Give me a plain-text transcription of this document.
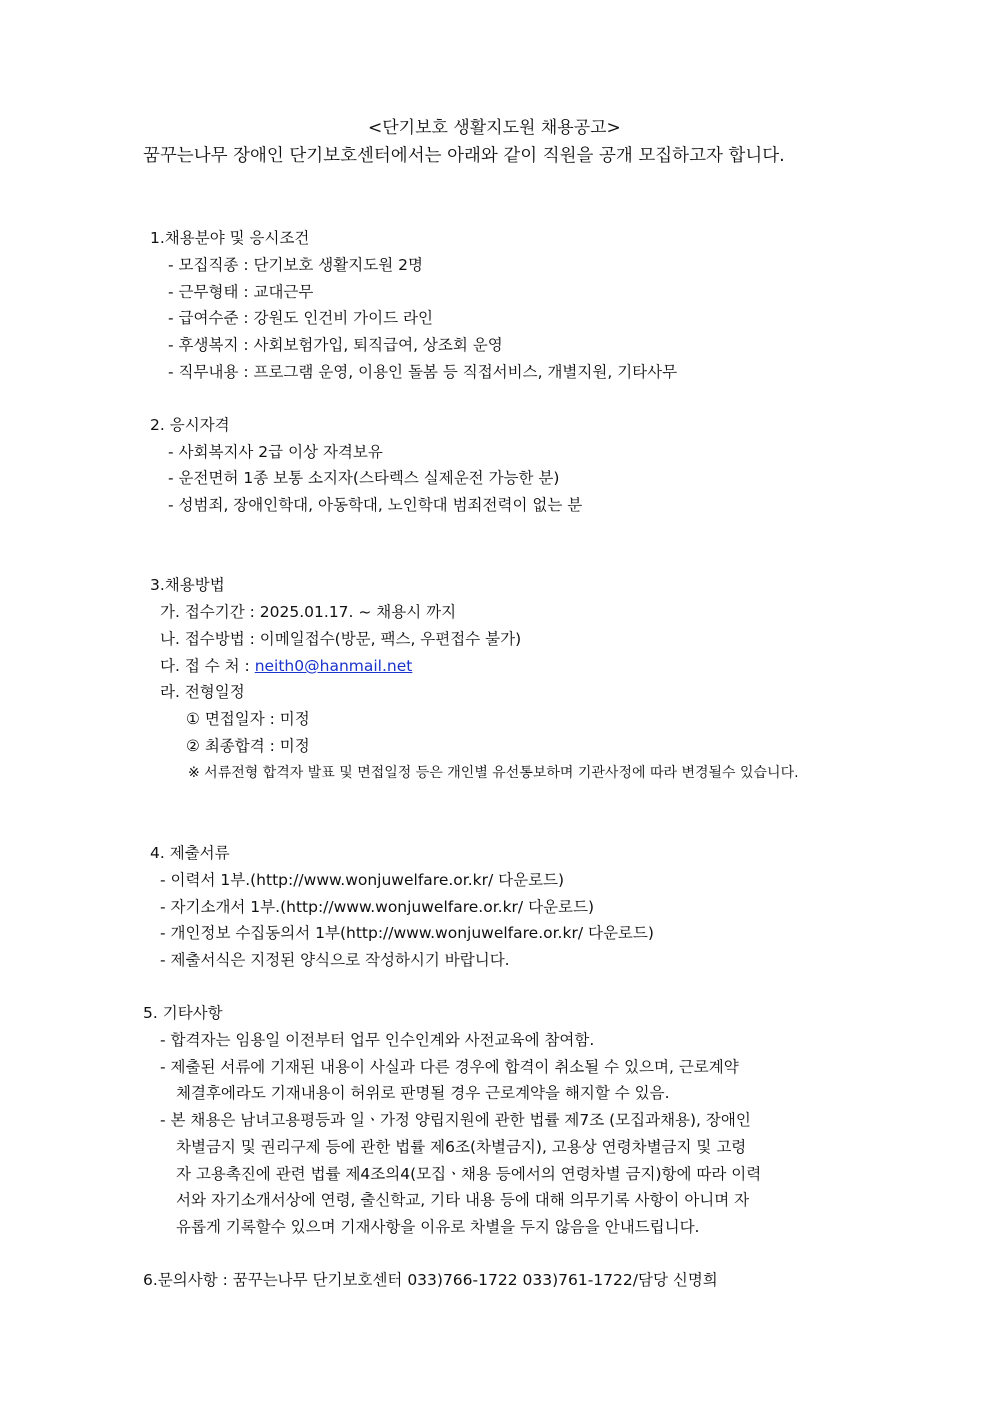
<단기보호 생활지도원 채용공고>
꿈꾸는나무 장애인 단기보호센터에서는 아래와 같이 직원을 공개 모집하고자 합니다.
1.채용분야 및 응시조건
- 모집직종 : 단기보호 생활지도원 2명
- 근무형태 : 교대근무
- 급여수준 : 강원도 인건비 가이드 라인
- 후생복지 : 사회보험가입, 퇴직급여, 상조회 운영
- 직무내용 : 프로그램 운영, 이용인 돌봄 등 직접서비스, 개별지원, 기타사무
2. 응시자격
- 사회복지사 2급 이상 자격보유
- 운전면허 1종 보통 소지자(스타렉스 실제운전 가능한 분)
- 성범죄, 장애인학대, 아동학대, 노인학대 범죄전력이 없는 분
3.채용방법
가. 접수기간 : 2025.01.17. ~ 채용시 까지
나. 접수방법 : 이메일접수(방문, 팩스, 우편접수 불가)
다. 접 수 처 : neith0@hanmail.net
라. 전형일정
① 면접일자 : 미정
② 최종합격 : 미정
※ 서류전형 합격자 발표 및 면접일정 등은 개인별 유선통보하며 기관사정에 따라 변경될수 있습니다.
4. 제출서류
- 이력서 1부.(http://www.wonjuwelfare.or.kr/ 다운로드)
- 자기소개서 1부.(http://www.wonjuwelfare.or.kr/ 다운로드)
- 개인정보 수집동의서 1부(http://www.wonjuwelfare.or.kr/ 다운로드)
- 제출서식은 지정된 양식으로 작성하시기 바랍니다.
5. 기타사항
- 합격자는 임용일 이전부터 업무 인수인계와 사전교육에 참여함.
- 제출된 서류에 기재된 내용이 사실과 다른 경우에 합격이 취소될 수 있으며, 근로계약
체결후에라도 기재내용이 허위로 판명될 경우 근로계약을 해지할 수 있음.
- 본 채용은 남녀고용평등과 일ㆍ가정 양립지원에 관한 법률 제7조 (모집과채용), 장애인
차별금지 및 권리구제 등에 관한 법률 제6조(차별금지), 고용상 연령차별금지 및 고령
자 고용촉진에 관련 법률 제4조의4(모집ㆍ채용 등에서의 연령차별 금지)항에 따라 이력
서와 자기소개서상에 연령, 출신학교, 기타 내용 등에 대해 의무기록 사항이 아니며 자
유롭게 기록할수 있으며 기재사항을 이유로 차별을 두지 않음을 안내드립니다.
6.문의사항 : 꿈꾸는나무 단기보호센터 033)766-1722 033)761-1722/담당 신명희
